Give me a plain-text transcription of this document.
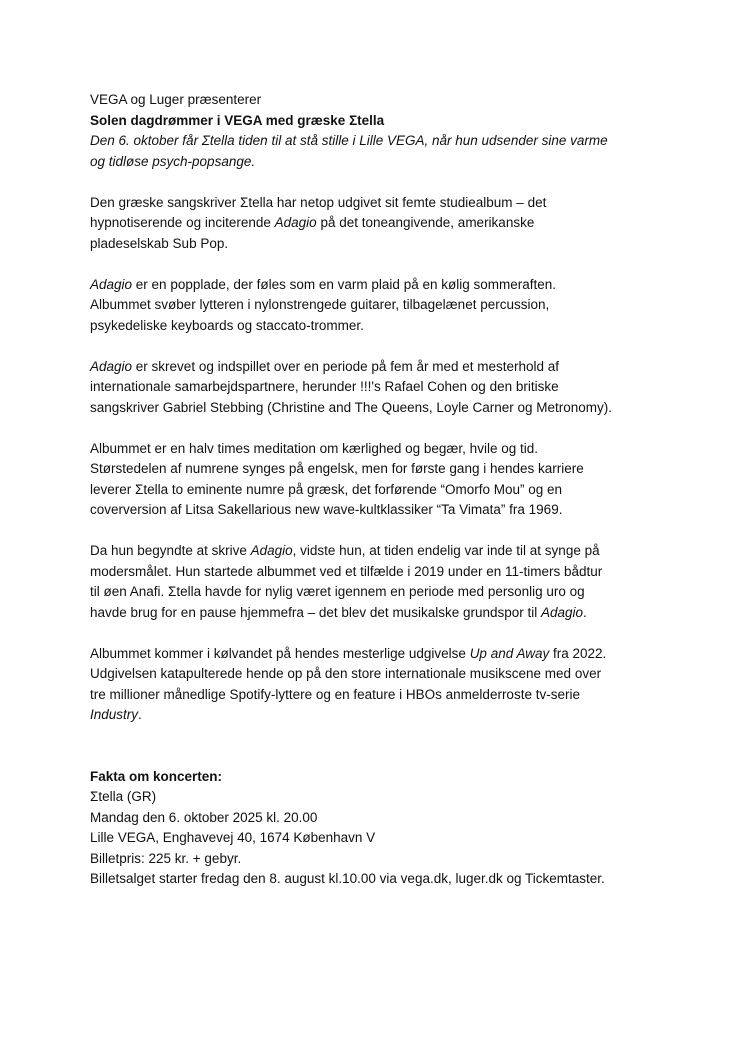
VEGA og Luger præsenterer

Solen dagdrømmer i VEGA med græske Σtella

Den 6. oktober får Σtella tiden til at stå stille i Lille VEGA, når hun udsender sine varme

og tidløse psych-popsange.

Den græske sangskriver Σtella har netop udgivet sit femte studiealbum – det

hypnotiserende og inciterende Adagio på det toneangivende, amerikanske

pladeselskab Sub Pop.

Adagio er en popplade, der føles som en varm plaid på en kølig sommeraften.

Albummet svøber lytteren i nylonstrengede guitarer, tilbagelænet percussion,

psykedeliske keyboards og staccato-trommer.

Adagio er skrevet og indspillet over en periode på fem år med et mesterhold af

internationale samarbejdspartnere, herunder !!!'s Rafael Cohen og den britiske

sangskriver Gabriel Stebbing (Christine and The Queens, Loyle Carner og Metronomy).

Albummet er en halv times meditation om kærlighed og begær, hvile og tid.

Størstedelen af numrene synges på engelsk, men for første gang i hendes karriere

leverer Σtella to eminente numre på græsk, det forførende “Omorfo Mou” og en

coverversion af Litsa Sakellarious new wave-kultklassiker “Ta Vimata” fra 1969.

Da hun begyndte at skrive Adagio, vidste hun, at tiden endelig var inde til at synge på

modersmålet. Hun startede albummet ved et tilfælde i 2019 under en 11-timers bådtur

til øen Anafi. Σtella havde for nylig været igennem en periode med personlig uro og

havde brug for en pause hjemmefra – det blev det musikalske grundspor til Adagio.

Albummet kommer i kølvandet på hendes mesterlige udgivelse Up and Away fra 2022.

Udgivelsen katapulterede hende op på den store internationale musikscene med over

tre millioner månedlige Spotify-lyttere og en feature i HBOs anmelderroste tv-serie

Industry.

Fakta om koncerten:

Σtella (GR)

Mandag den 6. oktober 2025 kl. 20.00

Lille VEGA, Enghavevej 40, 1674 København V

Billetpris: 225 kr. + gebyr.

Billetsalget starter fredag den 8. august kl.10.00 via vega.dk, luger.dk og Tickemtaster.
